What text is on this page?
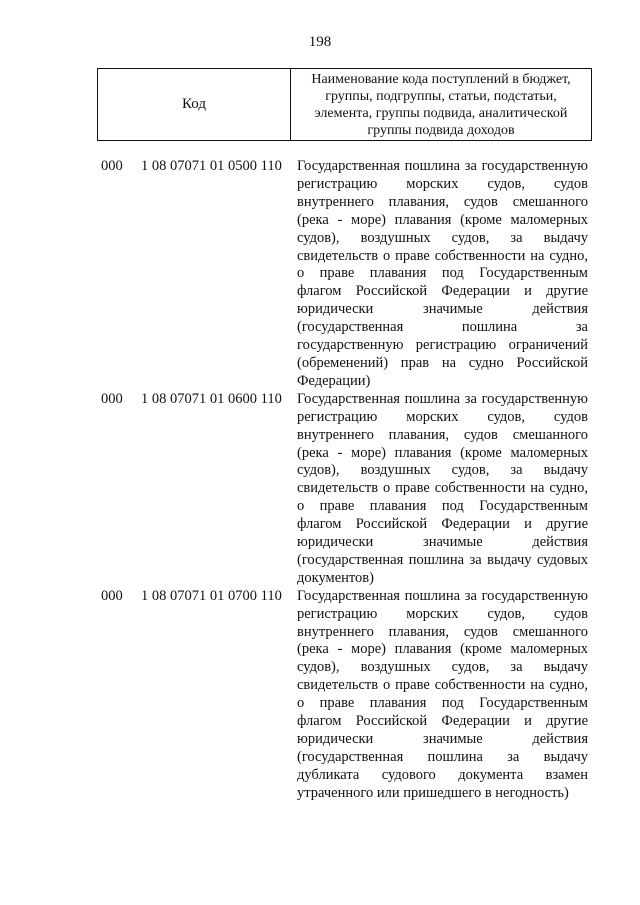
198
Код
Наименование кода поступлений в бюджет, группы, подгруппы, статьи, подстатьи, элемента, группы подвида, аналитической группы подвида доходов
000 1 08 07071 01 0500 110 Государственная пошлина за государственную регистрацию морских судов, судов внутреннего плавания, судов смешанного (река - море) плавания (кроме маломерных судов), воздушных судов, за выдачу свидетельств о праве собственности на судно, о праве плавания под Государственным флагом Российской Федерации и другие юридически значимые действия (государственная пошлина за государственную регистрацию ограничений (обременений) прав на судно Российской Федерации)
000 1 08 07071 01 0600 110 Государственная пошлина за государственную регистрацию морских судов, судов внутреннего плавания, судов смешанного (река - море) плавания (кроме маломерных судов), воздушных судов, за выдачу свидетельств о праве собственности на судно, о праве плавания под Государственным флагом Российской Федерации и другие юридически значимые действия (государственная пошлина за выдачу судовых документов)
000 1 08 07071 01 0700 110 Государственная пошлина за государственную регистрацию морских судов, судов внутреннего плавания, судов смешанного (река - море) плавания (кроме маломерных судов), воздушных судов, за выдачу свидетельств о праве собственности на судно, о праве плавания под Государственным флагом Российской Федерации и другие юридически значимые действия (государственная пошлина за выдачу дубликата судового документа взамен утраченного или пришедшего в негодность)
